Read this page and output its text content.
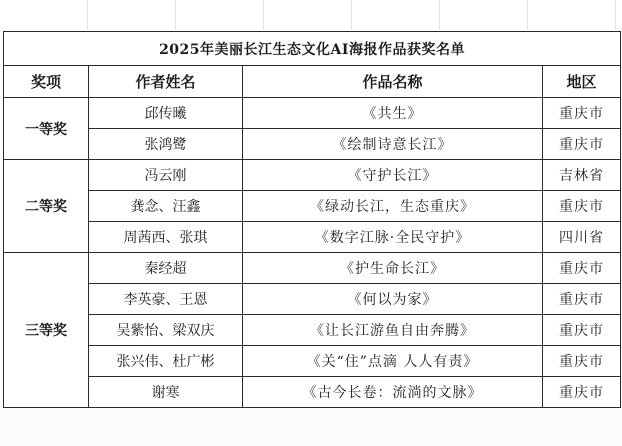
2025年美丽长江生态文化AI海报作品获奖名单			
奖项	作者姓名	作品名称	地区
一等奖	邱传曦	《共生》	重庆市
	张鸿鹭	《绘制诗意长江》	重庆市
二等奖	冯云刚	《守护长江》	吉林省
	龚念、汪鑫	《绿动长江，生态重庆》	重庆市
	周茜西、张琪	《数字江脉·全民守护》	四川省
三等奖	秦经超	《护生命长江》	重庆市
	李英豪、王恩	《何以为家》	重庆市
	吴紫怡、梁双庆	《让长江游鱼自由奔腾》	重庆市
	张兴伟、杜广彬	《关“住”点滴 人人有责》	重庆市
	谢寒	《古今长卷：流淌的文脉》	重庆市
